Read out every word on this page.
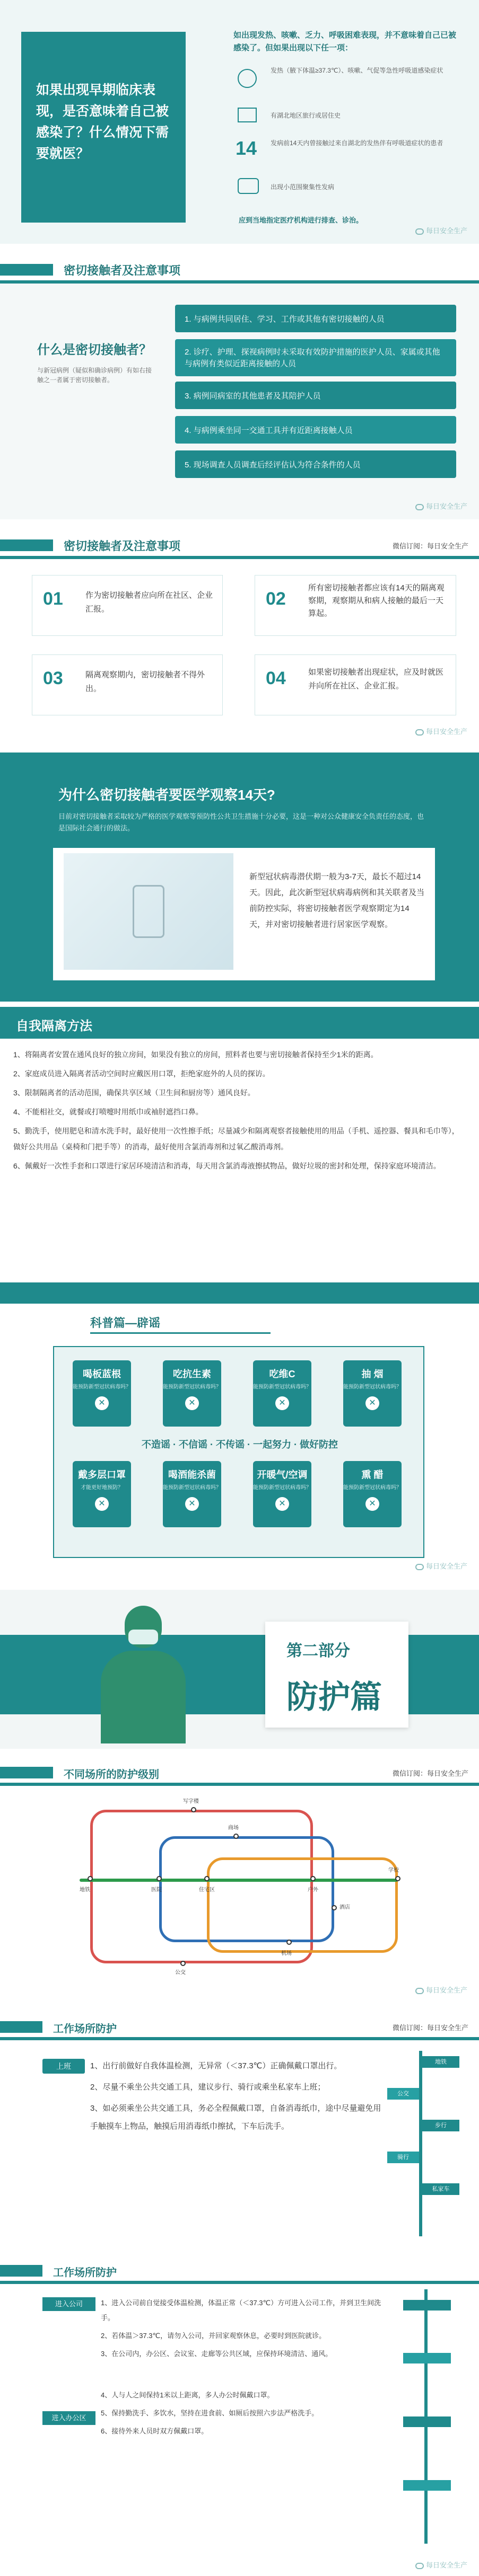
如果出现早期临床表现，是否意味着自己被感染了？什么情况下需要就医？
如出现发热、咳嗽、乏力、呼吸困难表现，并不意味着自己已被感染了。但如果出现以下任一项：
发热（腋下体温≥37.3℃）、咳嗽、气促等急性呼吸道感染症状
有湖北地区旅行或居住史
14 发病前14天内曾接触过来自湖北的发热伴有呼吸道症状的患者
出现小范围聚集性发病
应到当地指定医疗机构进行排查、诊治。
每日安全生产
密切接触者及注意事项
什么是密切接触者？
与新冠病例（疑似和确诊病例）有如右接触之一者属于密切接触者。
1. 与病例共同居住、学习、工作或其他有密切接触的人员
2. 诊疗、护理、探视病例时未采取有效防护措施的医护人员、家属或其他与病例有类似近距离接触的人员
3. 病例同病室的其他患者及其陪护人员
4. 与病例乘坐同一交通工具并有近距离接触人员
5. 现场调查人员调查后经评估认为符合条件的人员
每日安全生产
密切接触者及注意事项	微信订阅：每日安全生产
01	作为密切接触者应向所在社区、企业汇报。
02
所有密切接触者都应该有14天的隔离观察期，观察期从和病人接触的最后一天算起。
03	隔离观察期内，密切接触者不得外出。
04	如果密切接触者出现症状，应及时就医并向所在社区、企业汇报。
每日安全生产
为什么密切接触者要医学观察14天?
目前对密切接触者采取较为严格的医学观察等预防性公共卫生措施十分必要，这是一种对公众健康安全负责任的态度，也是国际社会通行的做法。
新型冠状病毒潜伏期一般为3-7天，最长不超过14天。因此，此次新型冠状病毒病例和其关联者及当前防控实际，将密切接触者医学观察期定为14天，并对密切接触者进行居家医学观察。
自我隔离方法

1、将隔离者安置在通风良好的独立房间，如果没有独立的房间，照料者也要与密切接触者保持至少1米的距离。

2、家庭成员进入隔离者活动空间时应戴医用口罩，拒绝家庭外的人员的探访。

3、限制隔离者的活动范围，确保共享区域（卫生间和厨房等）通风良好。

4、不能相社交，就餐或打喷嚏时用纸巾或袖肘遮挡口鼻。

5、勤洗手，使用肥皂和清水洗手时，最好使用一次性擦手纸；尽量减少和隔离观察者接触使用的用品（手机、遥控器、餐具和毛巾等），做好公共用品（桌椅和门把手等）的消毒，最好使用含氯消毒剂和过氧乙酸消毒剂。

6、佩戴好一次性手套和口罩进行家居环境清洁和消毒，每天用含氯消毒液擦拭物品，做好垃圾的密封和处理，保持家庭环境清洁。

科普篇—辟谣
喝板蓝根

能预防新型冠状病毒吗？

✕
吃抗生素

能预防新型冠状病毒吗？

✕
吃维C

能预防新型冠状病毒吗？

✕
抽 烟

能预防新型冠状病毒吗？

✕
不造谣 · 不信谣 · 不传谣 · 一起努力 · 做好防控
戴多层口罩

才能更好地预防？

✕
喝酒能杀菌

能预防新型冠状病毒吗？

✕
开暖气/空调

能预防新型冠状病毒吗？

✕
熏 醋

能预防新型冠状病毒吗？

✕
每日安全生产
第二部分
防护篇
不同场所的防护级别	微信订阅：每日安全生产
写字楼
商场
地铁	医院	住宅区	户外
学校
机场
公交
酒店
每日安全生产
工作场所防护	微信订阅：每日安全生产
上班	1、出行前做好自我体温检测，无异常（＜37.3℃）正确佩戴口罩出行。

2、尽量不乘坐公共交通工具，建议步行、骑行或乘坐私家车上班；

3、如必须乘坐公共交通工具，务必全程佩戴口罩，自备消毒纸巾，途中尽量避免用手触摸车上物品，触摸后用消毒纸巾擦拭，下车后洗手。

地铁
公交
步行
骑行
私家车
工作场所防护
进入公司
进入办公区

1、进入公司前自觉接受体温检测，体温正常（＜37.3℃）方可进入公司工作，并到卫生间洗手。

2、若体温＞37.3℃，请勿入公司，并回家观察休息，必要时到医院就诊。

3、在公司内，办公区、会议室、走廊等公共区域，应保持环境清洁、通风。

4、人与人之间保持1米以上距离，多人办公时佩戴口罩。

5、保持勤洗手、多饮水，坚持在进食前、如厕后按照六步法严格洗手。

6、接待外来人员时双方佩戴口罩。

每日安全生产
